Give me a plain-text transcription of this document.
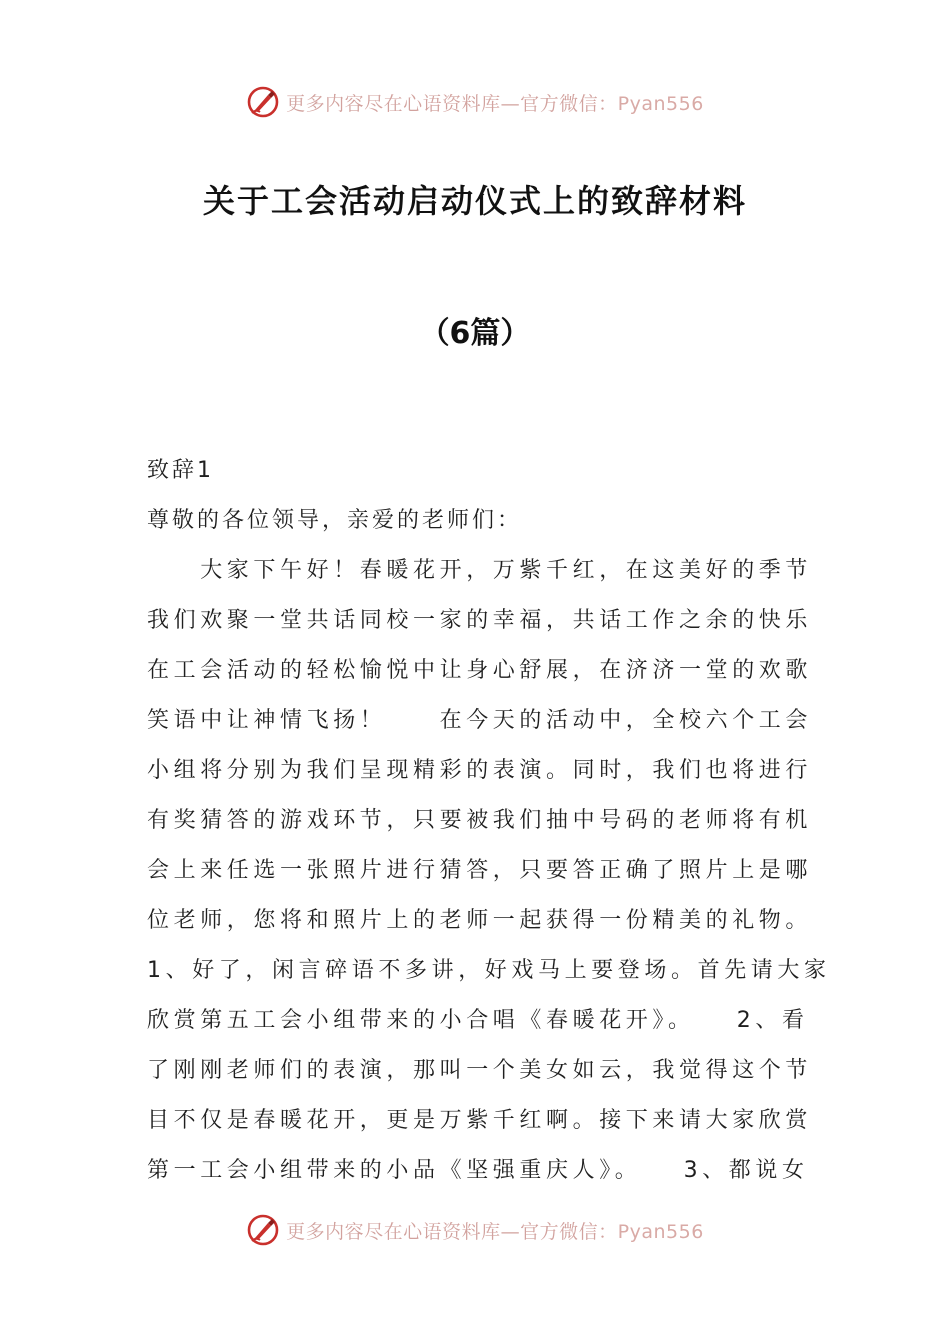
更多内容尽在心语资料库—官方微信：Pyan556
关于工会活动启动仪式上的致辞材料
（6篇）
致辞1
尊敬的各位领导，亲爱的老师们：

　　大家下午好！春暖花开，万紫千红，在这美好的季节
我们欢聚一堂共话同校一家的幸福，共话工作之余的快乐
在工会活动的轻松愉悦中让身心舒展，在济济一堂的欢歌
笑语中让神情飞扬！　　在今天的活动中，全校六个工会
小组将分别为我们呈现精彩的表演。同时，我们也将进行
有奖猜答的游戏环节，只要被我们抽中号码的老师将有机
会上来任选一张照片进行猜答，只要答正确了照片上是哪
位老师，您将和照片上的老师一起获得一份精美的礼物。
1、好了，闲言碎语不多讲，好戏马上要登场。首先请大家
欣赏第五工会小组带来的小合唱《春暖花开》。　　2、看
了刚刚老师们的表演，那叫一个美女如云，我觉得这个节
目不仅是春暖花开，更是万紫千红啊。接下来请大家欣赏
第一工会小组带来的小品《坚强重庆人》。　　3、都说女

更多内容尽在心语资料库—官方微信：Pyan556
